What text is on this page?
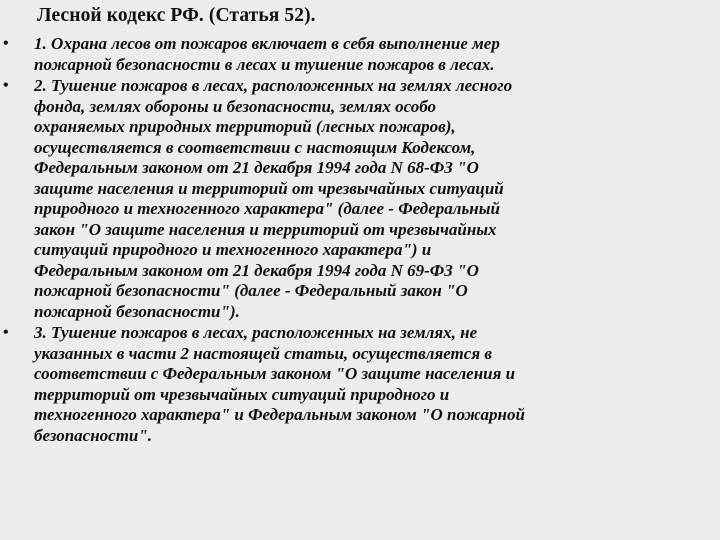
Лесной кодекс РФ. (Статья 52).
• 1. Охрана лесов от пожаров включает в себя выполнение мер
пожарной безопасности в лесах и тушение пожаров в лесах.
• 2. Тушение пожаров в лесах, расположенных на землях лесного
фонда, землях обороны и безопасности, землях особо
охраняемых природных территорий (лесных пожаров),
осуществляется в соответствии с настоящим Кодексом,
Федеральным законом от 21 декабря 1994 года N 68-ФЗ "О
защите населения и территорий от чрезвычайных ситуаций
природного и техногенного характера" (далее - Федеральный
закон "О защите населения и территорий от чрезвычайных
ситуаций природного и техногенного характера") и
Федеральным законом от 21 декабря 1994 года N 69-ФЗ "О
пожарной безопасности" (далее - Федеральный закон "О
пожарной безопасности").
• 3. Тушение пожаров в лесах, расположенных на землях, не
указанных в части 2 настоящей статьи, осуществляется в
соответствии с Федеральным законом "О защите населения и
территорий от чрезвычайных ситуаций природного и
техногенного характера" и Федеральным законом "О пожарной
безопасности".
